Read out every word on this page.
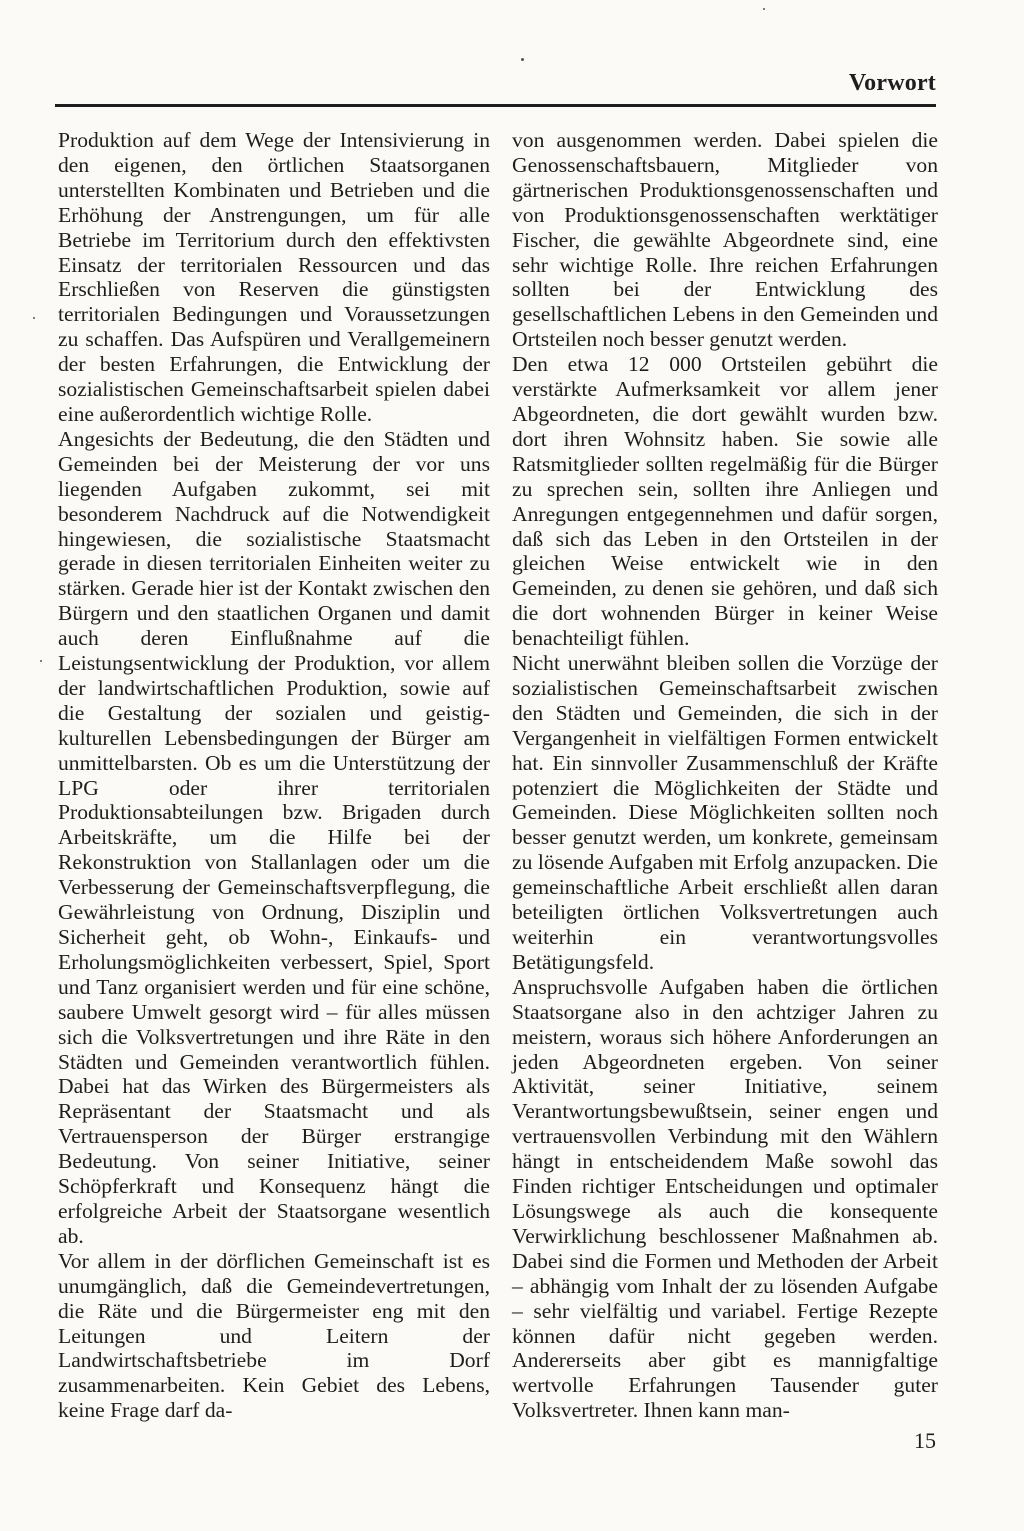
Vorwort

Produktion auf dem Wege der Intensivierung in den eigenen, den örtlichen Staatsorganen unterstellten Kombinaten und Betrieben und die Erhöhung der Anstrengungen, um für alle Betriebe im Territorium durch den effektivsten Einsatz der territorialen Ressourcen und das Erschließen von Reserven die günstigsten territorialen Bedingungen und Voraussetzungen zu schaffen. Das Aufspüren und Verallgemeinern der besten Erfahrungen, die Entwicklung der sozialistischen Gemeinschaftsarbeit spielen dabei eine außerordentlich wichtige Rolle.

Angesichts der Bedeutung, die den Städten und Gemeinden bei der Meisterung der vor uns liegenden Aufgaben zukommt, sei mit besonderem Nachdruck auf die Notwendigkeit hingewiesen, die sozialistische Staatsmacht gerade in diesen territorialen Einheiten weiter zu stärken. Gerade hier ist der Kontakt zwischen den Bürgern und den staatlichen Organen und damit auch deren Einflußnahme auf die Leistungsentwicklung der Produktion, vor allem der landwirtschaftlichen Produktion, sowie auf die Gestaltung der sozialen und geistig-kulturellen Lebensbedingungen der Bürger am unmittelbarsten. Ob es um die Unterstützung der LPG oder ihrer territorialen Produktionsabteilungen bzw. Brigaden durch Arbeitskräfte, um die Hilfe bei der Rekonstruktion von Stallanlagen oder um die Verbesserung der Gemeinschaftsverpflegung, die Gewährleistung von Ordnung, Disziplin und Sicherheit geht, ob Wohn-, Einkaufs- und Erholungsmöglichkeiten verbessert, Spiel, Sport und Tanz organisiert werden und für eine schöne, saubere Umwelt gesorgt wird – für alles müssen sich die Volksvertretungen und ihre Räte in den Städten und Gemeinden verantwortlich fühlen. Dabei hat das Wirken des Bürgermeisters als Repräsentant der Staatsmacht und als Vertrauensperson der Bürger erstrangige Bedeutung. Von seiner Initiative, seiner Schöpferkraft und Konsequenz hängt die erfolgreiche Arbeit der Staatsorgane wesentlich ab.

Vor allem in der dörflichen Gemeinschaft ist es unumgänglich, daß die Gemeindevertretungen, die Räte und die Bürgermeister eng mit den Leitungen und Leitern der Landwirtschaftsbetriebe im Dorf zusammenarbeiten. Kein Gebiet des Lebens, keine Frage darf da-

von ausgenommen werden. Dabei spielen die Genossenschaftsbauern, Mitglieder von gärtnerischen Produktionsgenossenschaften und von Produktionsgenossenschaften werktätiger Fischer, die gewählte Abgeordnete sind, eine sehr wichtige Rolle. Ihre reichen Erfahrungen sollten bei der Entwicklung des gesellschaftlichen Lebens in den Gemeinden und Ortsteilen noch besser genutzt werden.

Den etwa 12 000 Ortsteilen gebührt die verstärkte Aufmerksamkeit vor allem jener Abgeordneten, die dort gewählt wurden bzw. dort ihren Wohnsitz haben. Sie sowie alle Ratsmitglieder sollten regelmäßig für die Bürger zu sprechen sein, sollten ihre Anliegen und Anregungen entgegennehmen und dafür sorgen, daß sich das Leben in den Ortsteilen in der gleichen Weise entwickelt wie in den Gemeinden, zu denen sie gehören, und daß sich die dort wohnenden Bürger in keiner Weise benachteiligt fühlen.

Nicht unerwähnt bleiben sollen die Vorzüge der sozialistischen Gemeinschaftsarbeit zwischen den Städten und Gemeinden, die sich in der Vergangenheit in vielfältigen Formen entwickelt hat. Ein sinnvoller Zusammenschluß der Kräfte potenziert die Möglichkeiten der Städte und Gemeinden. Diese Möglichkeiten sollten noch besser genutzt werden, um konkrete, gemeinsam zu lösende Aufgaben mit Erfolg anzupacken. Die gemeinschaftliche Arbeit erschließt allen daran beteiligten örtlichen Volksvertretungen auch weiterhin ein verantwortungsvolles Betätigungsfeld.

Anspruchsvolle Aufgaben haben die örtlichen Staatsorgane also in den achtziger Jahren zu meistern, woraus sich höhere Anforderungen an jeden Abgeordneten ergeben. Von seiner Aktivität, seiner Initiative, seinem Verantwortungsbewußtsein, seiner engen und vertrauensvollen Verbindung mit den Wählern hängt in entscheidendem Maße sowohl das Finden richtiger Entscheidungen und optimaler Lösungswege als auch die konsequente Verwirklichung beschlossener Maßnahmen ab. Dabei sind die Formen und Methoden der Arbeit – abhängig vom Inhalt der zu lösenden Aufgabe – sehr vielfältig und variabel. Fertige Rezepte können dafür nicht gegeben werden. Andererseits aber gibt es mannigfaltige wertvolle Erfahrungen Tausender guter Volksvertreter. Ihnen kann man-

15
